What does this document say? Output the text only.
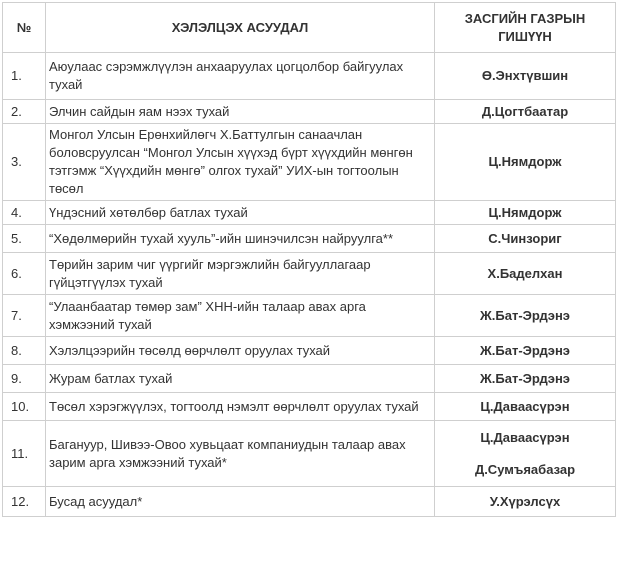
№	ХЭЛЭЛЦЭХ АСУУДАЛ	ЗАСГИЙН ГАЗРЫН
ГИШҮҮН

1.	Аюулаас сэрэмжлүүлэн анхааруулах цогцолбор байгуулах тухай	Ө.Энхтүвшин

2.	Элчин сайдын яам нээх тухай	Д.Цогтбаатар

3.	Монгол Улсын Ерөнхийлөгч Х.Баттулгын санаачлан боловсруулсан “Монгол Улсын хүүхэд бүрт хүүхдийн мөнгөн тэтгэмж “Хүүхдийн мөнгө” олгох тухай” УИХ-ын тогтоолын төсөл	Ц.Нямдорж

4.	Үндэсний хөтөлбөр батлах тухай	Ц.Нямдорж

5.	“Хөдөлмөрийн тухай хууль”-ийн шинэчилсэн найруулга**	С.Чинзориг

6.	Төрийн зарим чиг үүргийг мэргэжлийн байгууллагаар гүйцэтгүүлэх тухай	Х.Баделхан

7.	“Улаанбаатар төмөр зам” ХНН-ийн талаар авах арга хэмжээний тухай	Ж.Бат-Эрдэнэ

8.	Хэлэлцээрийн төсөлд өөрчлөлт оруулах тухай	Ж.Бат-Эрдэнэ

9.	Журам батлах тухай	Ж.Бат-Эрдэнэ

10.	Төсөл хэрэгжүүлэх, тогтоолд нэмэлт өөрчлөлт оруулах тухай	Ц.Даваасүрэн

11.	Багануур, Шивээ-Овоо хувьцаат компаниудын талаар авах зарим арга хэмжээний тухай*	Ц.Даваасүрэн
Д.Сумъяабазар

12.	Бусад асуудал*	У.Хүрэлсүх
